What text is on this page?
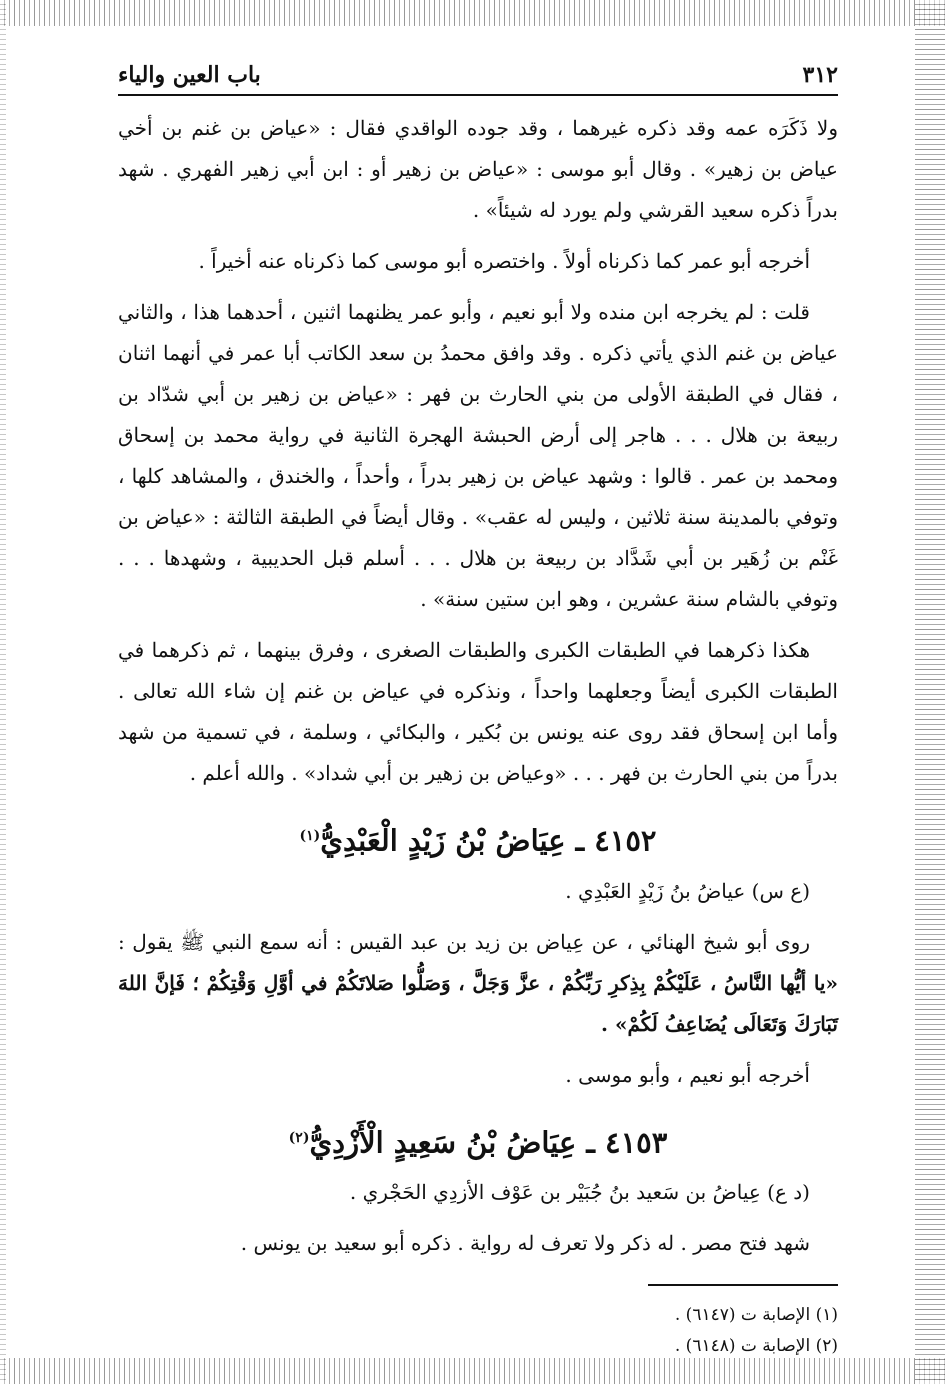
٣١٢
باب العين والياء

ولا ذَكَرَه عمه وقد ذكره غيرهما ، وقد جوده الواقدي فقال : «عياض بن غنم بن أخي عياض بن زهير» . وقال أبو موسى : «عياض بن زهير أو : ابن أبي زهير الفهري . شهد بدراً ذكره سعيد القرشي ولم يورد له شيئاً» .

أخرجه أبو عمر كما ذكرناه أولاً . واختصره أبو موسى كما ذكرناه عنه أخيراً .

قلت : لم يخرجه ابن منده ولا أبو نعيم ، وأبو عمر يظنهما اثنين ، أحدهما هذا ، والثاني عياض بن غنم الذي يأتي ذكره . وقد وافق محمدُ بن سعد الكاتب أبا عمر في أنهما اثنان ، فقال في الطبقة الأولى من بني الحارث بن فهر : «عياض بن زهير بن أبي شدّاد بن ربيعة بن هلال . . . هاجر إلى أرض الحبشة الهجرة الثانية في رواية محمد بن إسحاق ومحمد بن عمر . قالوا : وشهد عياض بن زهير بدراً ، وأحداً ، والخندق ، والمشاهد كلها ، وتوفي بالمدينة سنة ثلاثين ، وليس له عقب» . وقال أيضاً في الطبقة الثالثة : «عياض بن غَنْم بن زُهَير بن أبي شَدَّاد بن ربيعة بن هلال . . . أسلم قبل الحديبية ، وشهدها . . . وتوفي بالشام سنة عشرين ، وهو ابن ستين سنة» .

هكذا ذكرهما في الطبقات الكبرى والطبقات الصغرى ، وفرق بينهما ، ثم ذكرهما في الطبقات الكبرى أيضاً وجعلهما واحداً ، ونذكره في عياض بن غنم إن شاء الله تعالى . وأما ابن إسحاق فقد روى عنه يونس بن بُكير ، والبكائي ، وسلمة ، في تسمية من شهد بدراً من بني الحارث بن فهر . . . «وعياض بن زهير بن أبي شداد» . والله أعلم .

٤١٥٢ ـ عِيَاضُ بْنُ زَيْدٍ الْعَبْدِيُّ$^{(١)}$

(ع س) عياضُ بنُ زَيْدٍ العَبْدِي .

روى أبو شيخ الهنائي ، عن عِياض بن زيد بن عبد القيس : أنه سمع النبي ﷺ يقول : «يا أيُّها النَّاسُ ، عَلَيْكُمْ بِذِكرِ رَبِّكُمْ ، عزَّ وَجَلَّ ، وَصَلُّوا صَلاتَكُمْ في أوَّلِ وَقْتِكُمْ ؛ فَإنَّ اللهَ تَبَارَكَ وَتَعَالَى يُضَاعِفُ لَكُمْ» .

أخرجه أبو نعيم ، وأبو موسى .

٤١٥٣ ـ عِيَاضُ بْنُ سَعِيدٍ الْأَزْدِيُّ$^{(٢)}$

(د ع) عِياضُ بن سَعيد بنُ جُبَيْر بن عَوْف الأزدِي الحَجْري .

شهد فتح مصر . له ذكر ولا تعرف له رواية . ذكره أبو سعيد بن يونس .

(١) الإصابة ت (٦١٤٧) .

(٢) الإصابة ت (٦١٤٨) .
